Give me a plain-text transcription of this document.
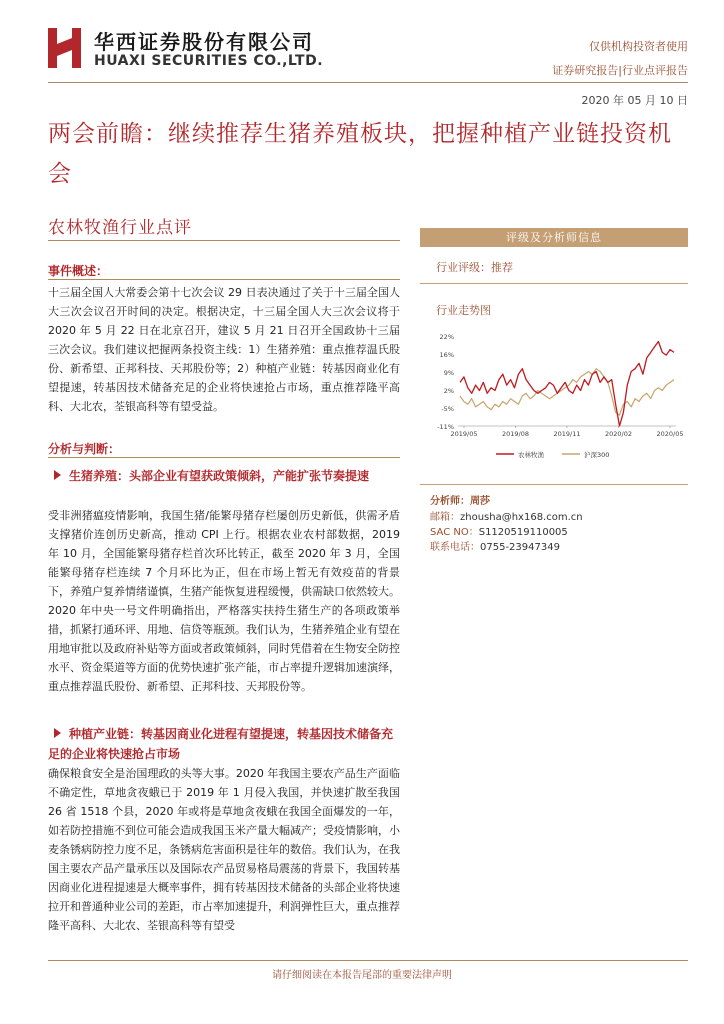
华西证券股份有限公司
HUAXI SECURITIES CO.,LTD.
仅供机构投资者使用
证券研究报告|行业点评报告
2020 年 05 月 10 日
两会前瞻：继续推荐生猪养殖板块，把握种植产业链投资机会
农林牧渔行业点评
事件概述：
十三届全国人大常委会第十七次会议 29 日表决通过了关于十三届全国人大三次会议召开时间的决定。根据决定，十三届全国人大三次会议将于 2020 年 5 月 22 日在北京召开，建议 5 月 21 日召开全国政协十三届三次会议。我们建议把握两条投资主线：1）生猪养殖：重点推荐温氏股份、新希望、正邦科技、天邦股份等；2）种植产业链：转基因商业化有望提速，转基因技术储备充足的企业将快速抢占市场，重点推荐隆平高科、大北农，荃银高科等有望受益。
分析与判断：
生猪养殖：头部企业有望获政策倾斜，产能扩张节奏提速
受非洲猪瘟疫情影响，我国生猪/能繁母猪存栏屡创历史新低，供需矛盾支撑猪价连创历史新高，推动 CPI 上行。根据农业农村部数据，2019 年 10 月，全国能繁母猪存栏首次环比转正，截至 2020 年 3 月，全国能繁母猪存栏连续 7 个月环比为正，但在市场上暂无有效疫苗的背景下，养殖户复养情绪谨慎，生猪产能恢复进程缓慢，供需缺口依然较大。2020 年中央一号文件明确指出，严格落实扶持生猪生产的各项政策举措，抓紧打通环评、用地、信贷等瓶颈。我们认为，生猪养殖企业有望在用地审批以及政府补贴等方面或者政策倾斜，同时凭借着在生物安全防控水平、资金渠道等方面的优势快速扩张产能，市占率提升逻辑加速演绎，重点推荐温氏股份、新希望、正邦科技、天邦股份等。
种植产业链：转基因商业化进程有望提速，转基因技术储备充足的企业将快速抢占市场
确保粮食安全是治国理政的头等大事。2020 年我国主要农产品生产面临不确定性，草地贪夜蛾已于 2019 年 1 月侵入我国，并快速扩散至我国 26 省 1518 个县，2020 年或将是草地贪夜蛾在我国全面爆发的一年，如若防控措施不到位可能会造成我国玉米产量大幅减产；受疫情影响，小麦条锈病防控力度不足，条锈病危害面积是往年的数倍。我们认为，在我国主要农产品产量承压以及国际农产品贸易格局震荡的背景下，我国转基因商业化进程提速是大概率事件，拥有转基因技术储备的头部企业将快速拉开和普通种业公司的差距，市占率加速提升，利润弹性巨大，重点推荐隆平高科、大北农、荃银高科等有望受
评级及分析师信息
行业评级：推荐
行业走势图
22%
16%
9%
2%
-5%
-11%
2019/05	2019/08	2019/11	2020/02	2020/05
农林牧渔	沪深300
分析师：周莎
邮箱：zhousha@hx168.com.cn
SAC NO：S1120519110005
联系电话：0755-23947349
请仔细阅读在本报告尾部的重要法律声明
